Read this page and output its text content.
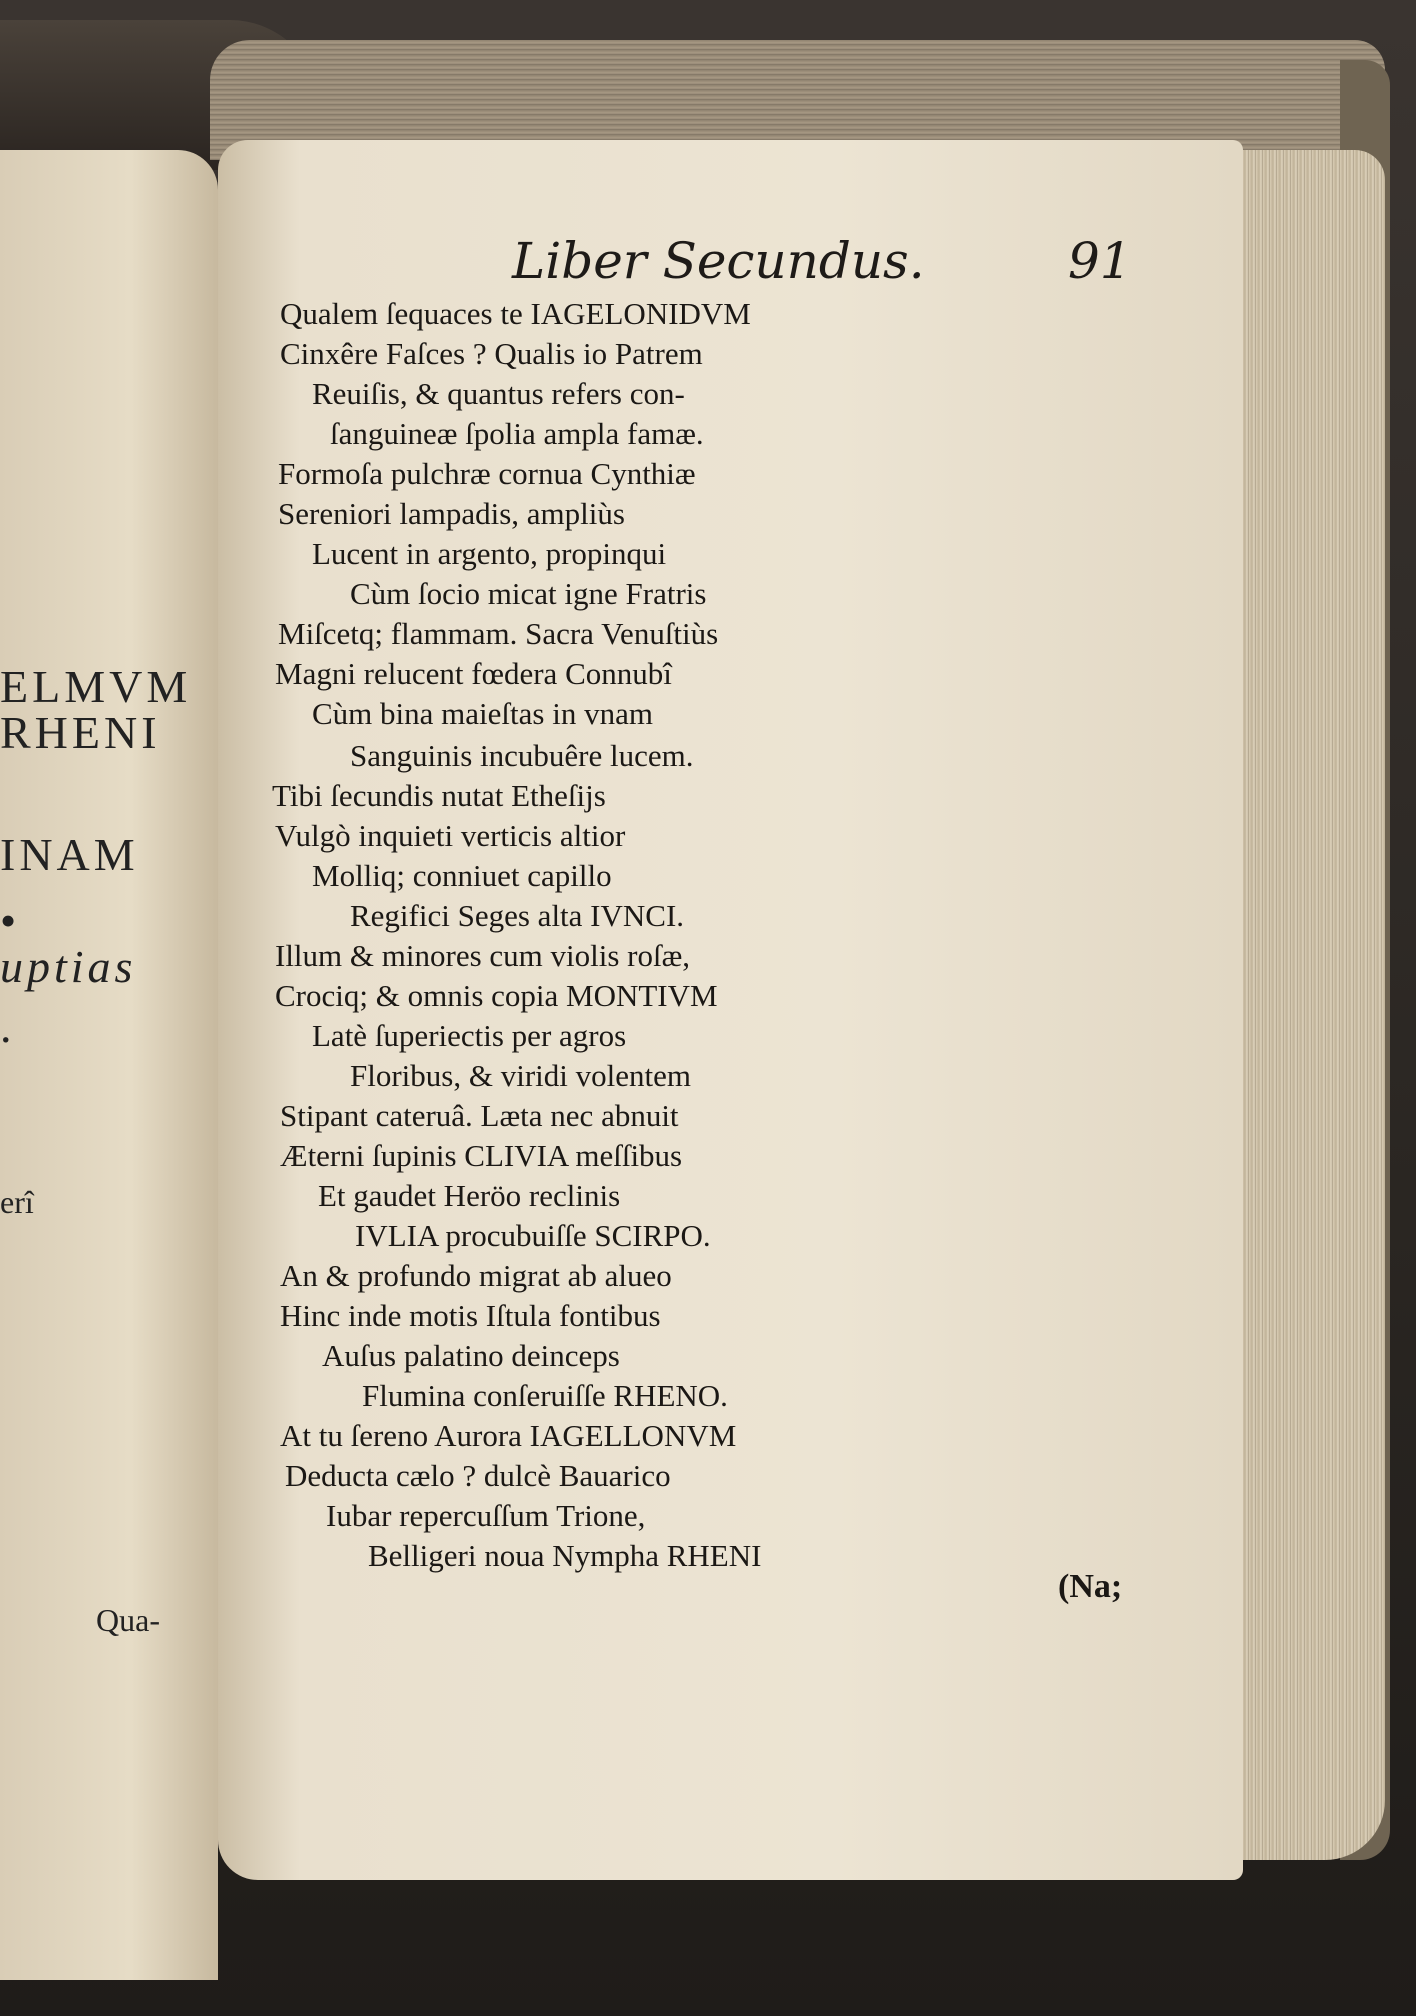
ELMVM
RHENI
INAM
•
uptias
.
erî
Qua-
Liber Secundus.	91
Qualem ſequaces te IAGELONIDVM
Cinxêre Faſces ? Qualis io Patrem
Reuiſis, & quantus refers con-
ſanguineæ ſpolia ampla famæ.
Formoſa pulchræ cornua Cynthiæ
Sereniori lampadis, ampliùs
Lucent in argento, propinqui
Cùm ſocio micat igne Fratris
Miſcetq; flammam. Sacra Venuſtiùs
Magni relucent fœdera Connubî
Cùm bina maieſtas in vnam
Sanguinis incubuêre lucem.
Tibi ſecundis nutat Etheſijs
Vulgò inquieti verticis altior
Molliq; conniuet capillo
Regifici Seges alta IVNCI.
Illum & minores cum violis roſæ,
Crociq; & omnis copia MONTIVM
Latè ſuperiectis per agros
Floribus, & viridi volentem
Stipant cateruâ. Læta nec abnuit
Æterni ſupinis CLIVIA meſſibus
Et gaudet Heröo reclinis
IVLIA procubuiſſe SCIRPO.
An & profundo migrat ab alueo
Hinc inde motis Iſtula fontibus
Auſus palatino deinceps
Flumina conſeruiſſe RHENO.
At tu ſereno Aurora IAGELLONVM
Deducta cælo ? dulcè Bauarico
Iubar repercuſſum Trione,
Belligeri noua Nympha RHENI
(Na;
